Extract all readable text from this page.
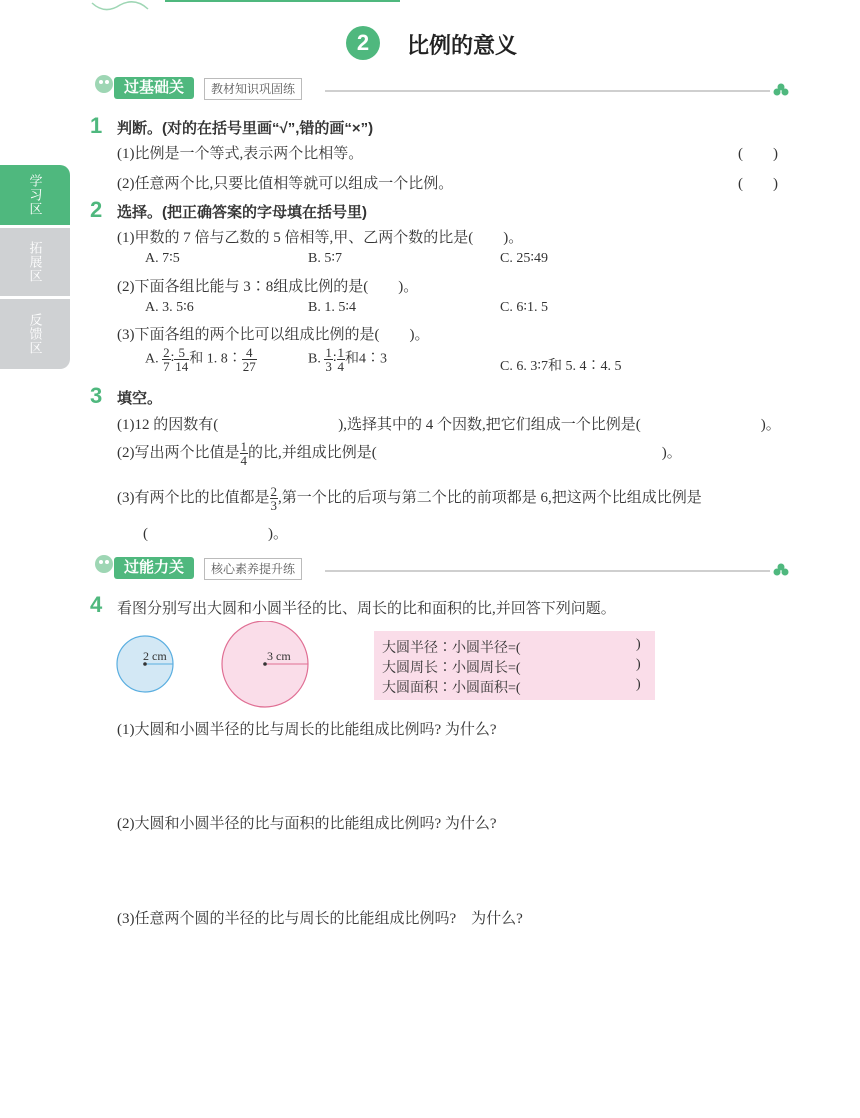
2	比例的意义
学习区
拓展区
反馈区
过基础关	教材知识巩固练
1 判断。(对的在括号里画“√”,错的画“×”)
(1)比例是一个等式,表示两个比相等。	(　　)
(2)任意两个比,只要比值相等就可以组成一个比例。	(　　)
2 选择。(把正确答案的字母填在括号里)
(1)甲数的 7 倍与乙数的 5 倍相等,甲、乙两个数的比是(　　)。
A. 7∶5	B. 5∶7	C. 25∶49
(2)下面各组比能与 3∶8组成比例的是(　　)。
A. 3. 5∶6	B. 1. 5∶4	C. 6∶1. 5
(3)下面各组的两个比可以组成比例的是(　　)。
A. $\frac{2}{7}$ ∶ $\frac{5}{14}$ 和 1. 8∶ $\frac{4}{27}$	B. $\frac{1}{3}$ ∶ $\frac{1}{4}$ 和4∶3	C. 6. 3∶7和 5. 4∶4. 5
3 填空。
(1)12 的因数有(　　　　　　　　),选择其中的 4 个因数,把它们组成一个比例是(　　　　　　　　)。
(2)写出两个比值是 $\frac{1}{4}$ 的比,并组成比例是(　　　　　　　　　　　　　　　　　　　)。
(3)有两个比的比值都是 $\frac{2}{3}$ ,第一个比的后项与第二个比的前项都是 6,把这两个比组成比例是
(　　　　　　　　)。
过能力关	核心素养提升练
4 看图分别写出大圆和小圆半径的比、周长的比和面积的比,并回答下列问题。
2 cm	3 cm	大圆半径∶小圆半径=(	)
大圆周长∶小圆周长=(	)
大圆面积∶小圆面积=(	)
(1)大圆和小圆半径的比与周长的比能组成比例吗? 为什么?
(2)大圆和小圆半径的比与面积的比能组成比例吗? 为什么?
(3)任意两个圆的半径的比与周长的比能组成比例吗?　为什么?
